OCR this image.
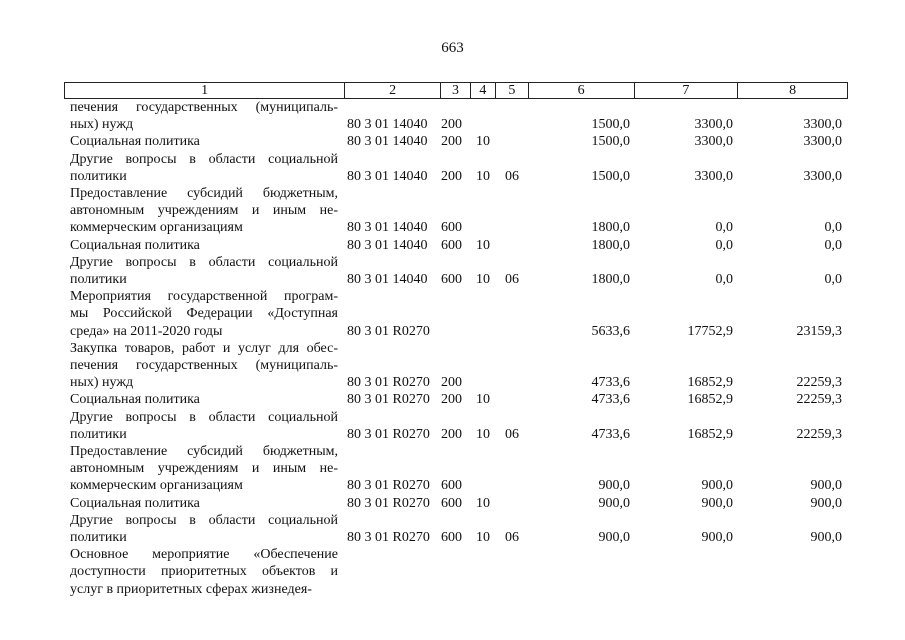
663
1	2	3	4	5	6	7	8
печения государственных (муниципаль-
ных) нужд	80 3 01 14040 200	1500,0	3300,0	3300,0
Социальная политика	80 3 01 14040 200 10	1500,0	3300,0	3300,0
Другие вопросы в области социальной
политики	80 3 01 14040 200 10 06	1500,0	3300,0	3300,0
Предоставление субсидий бюджетным,
автономным учреждениям и иным не-
коммерческим организациям	80 3 01 14040 600	1800,0	0,0	0,0
Социальная политика	80 3 01 14040 600 10	1800,0	0,0	0,0
Другие вопросы в области социальной
политики	80 3 01 14040 600 10 06	1800,0	0,0	0,0
Мероприятия государственной програм-
мы Российской Федерации «Доступная
среда» на 2011-2020 годы	80 3 01 R0270	5633,6	17752,9	23159,3
Закупка товаров, работ и услуг для обес-
печения государственных (муниципаль-
ных) нужд	80 3 01 R0270 200	4733,6	16852,9	22259,3
Социальная политика	80 3 01 R0270 200 10	4733,6	16852,9	22259,3
Другие вопросы в области социальной
политики	80 3 01 R0270 200 10 06	4733,6	16852,9	22259,3
Предоставление субсидий бюджетным,
автономным учреждениям и иным не-
коммерческим организациям	80 3 01 R0270 600	900,0	900,0	900,0
Социальная политика	80 3 01 R0270 600 10	900,0	900,0	900,0
Другие вопросы в области социальной
политики	80 3 01 R0270 600 10 06	900,0	900,0	900,0
Основное мероприятие «Обеспечение
доступности приоритетных объектов и
услуг в приоритетных сферах жизнедея-
